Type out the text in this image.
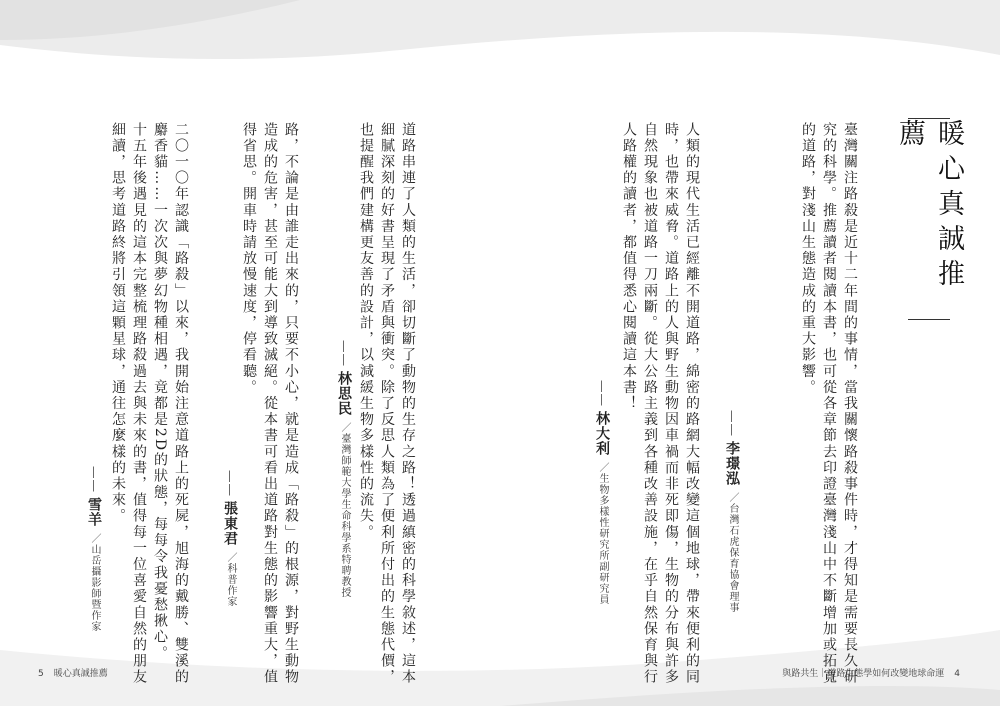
暖心真誠推薦
臺灣關注路殺是近十二年間的事情，當我關懷路殺事件時，才得知是需要長久研
究的科學。推薦讀者閱讀本書，也可從各章節去印證臺灣淺山中不斷增加或拓寬
的道路，對淺山生態造成的重大影響。
——李璟泓／台灣石虎保育協會理事
人類的現代生活已經離不開道路，綿密的路網大幅改變這個地球，帶來便利的同
時，也帶來威脅。道路上的人與野生動物因車禍而非死即傷，生物的分布與許多
自然現象也被道路一刀兩斷。從大公路主義到各種改善設施，在乎自然保育與行
人路權的讀者，都值得悉心閱讀這本書！
——林大利／生物多樣性研究所副研究員
道路串連了人類的生活，卻切斷了動物的生存之路！透過縝密的科學敘述，這本
細膩深刻的好書呈現了矛盾與衝突。除了反思人類為了便利所付出的生態代價，
也提醒我們建構更友善的設計，以減緩生物多樣性的流失。
——林思民／臺灣師範大學生命科學系特聘教授
路，不論是由誰走出來的，只要不小心，就是造成「路殺」的根源，對野生動物
造成的危害，甚至可能大到導致滅絕。從本書可看出道路對生態的影響重大，值
得省思。開車時請放慢速度，停看聽。
——張東君／科普作家
二〇一〇年認識「路殺」以來，我開始注意道路上的死屍，旭海的戴勝、雙溪的
麝香貓……一次次與夢幻物種相遇，竟都是2D的狀態，每每令我憂愁揪心。
十五年後遇見的這本完整梳理路殺過去與未來的書，值得每一位喜愛自然的朋友
細讀，思考道路終將引領這顆星球，通往怎麼樣的未來。
——雪羊／山岳攝影師暨作家
5 暖心真誠推薦	與路共生｜道路生態學如何改變地球命運 4
